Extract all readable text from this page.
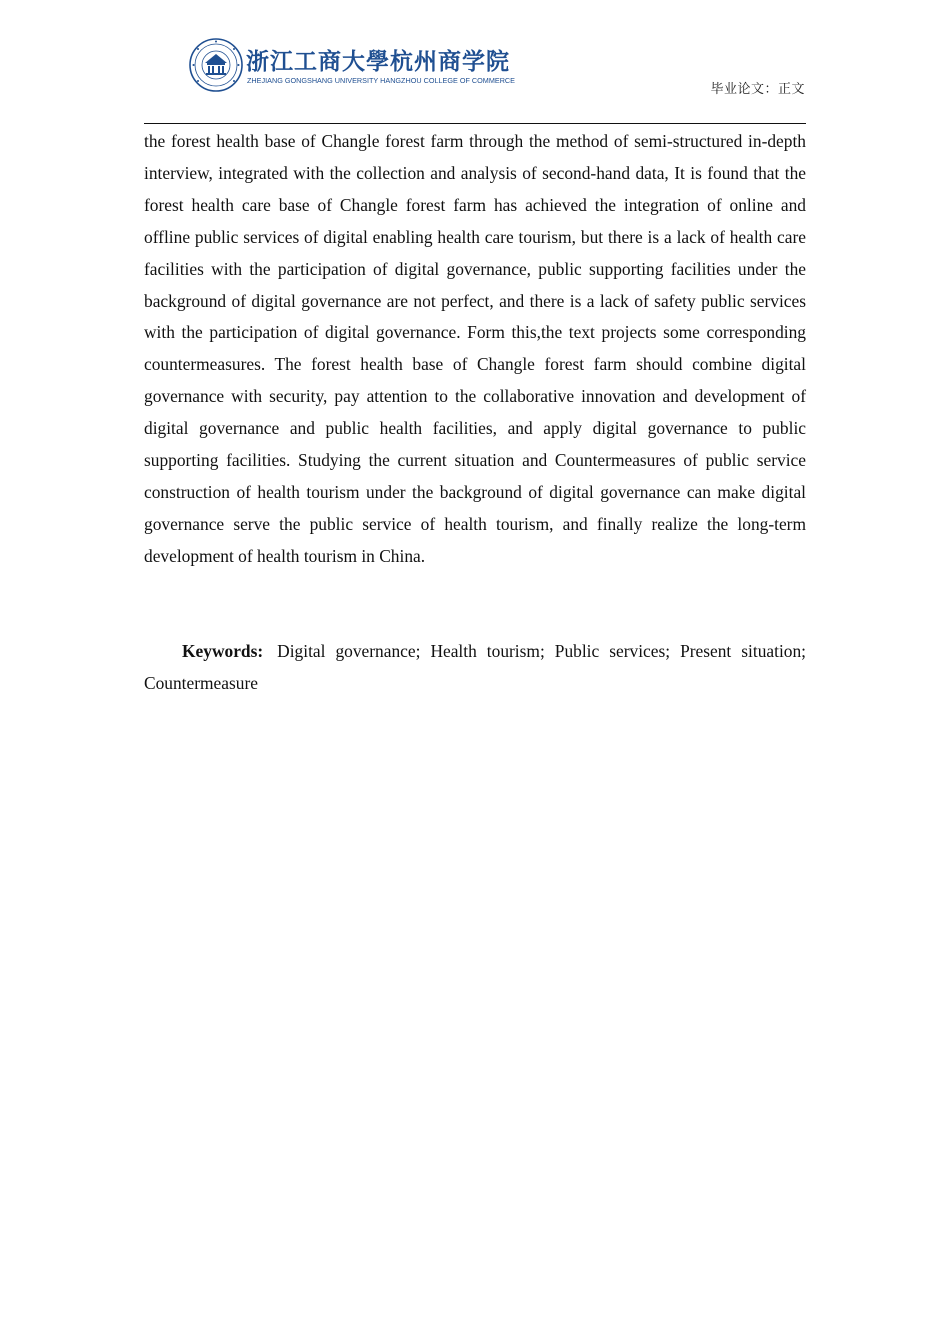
浙江工商大學杭州商学院
ZHEJIANG GONGSHANG UNIVERSITY HANGZHOU COLLEGE OF COMMERCE
毕业论文：正文

the forest health base of Changle forest farm through the method of semi-structured in-depth interview, integrated with the collection and analysis of second-hand data, It is found that the forest health care base of Changle forest farm has achieved the integration of online and offline public services of digital enabling health care tourism, but there is a lack of health care facilities with the participation of digital governance, public supporting facilities under the background of digital governance are not perfect, and there is a lack of safety public services with the participation of digital governance. Form this,the text projects some corresponding countermeasures. The forest health base of Changle forest farm should combine digital governance with security, pay attention to the collaborative innovation and development of digital governance and public health facilities, and apply digital governance to public supporting facilities. Studying the current situation and Countermeasures of public service construction of health tourism under the background of digital governance can make digital governance serve the public service of health tourism, and finally realize the long-term development of health tourism in China.

Keywords: Digital governance; Health tourism; Public services; Present situation; Countermeasure
